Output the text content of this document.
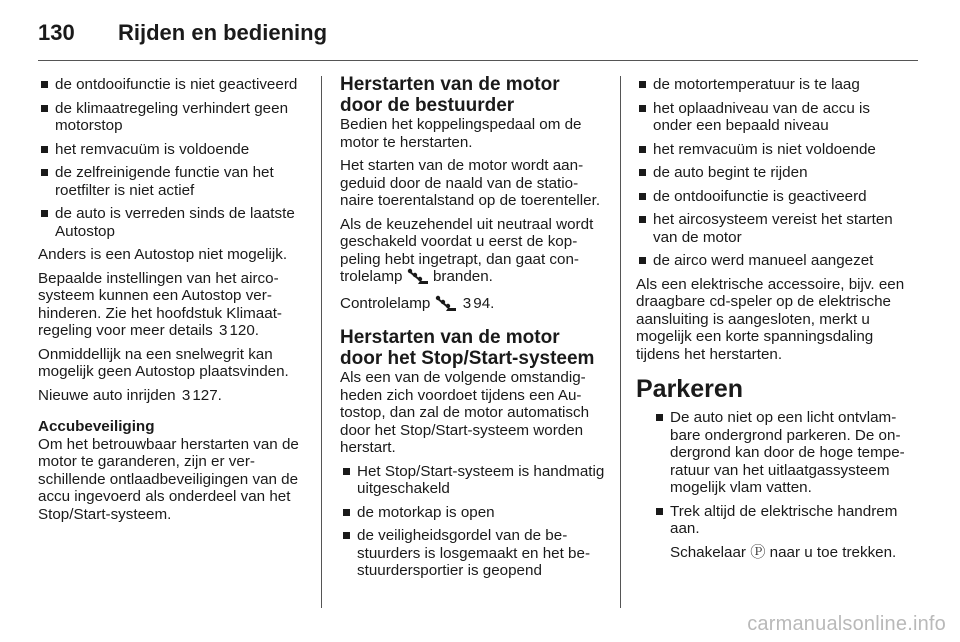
130 Rijden en bediening
de ontdooifunctie is niet geactiveerd
de klimaatregeling verhindert geen motorstop
het remvacuüm is voldoende
de zelfreinigende functie van het roetfilter is niet actief
de auto is verreden sinds de laatste Autostop

Anders is een Autostop niet mogelijk.

Bepaalde instellingen van het aircosysteem kunnen een Autostop verhinderen. Zie het hoofdstuk Klimaatregeling voor meer details 3 120.

Onmiddellijk na een snelwegrit kan mogelijk geen Autostop plaatsvinden.

Nieuwe auto inrijden 3 127.

Accubeveiliging

Om het betrouwbaar herstarten van de motor te garanderen, zijn er verschillende ontlaadbeveiligingen van de accu ingevoerd als onderdeel van het Stop/Start-systeem.

Herstarten van de motor door de bestuurder

Bedien het koppelingspedaal om de motor te herstarten.

Het starten van de motor wordt aangeduid door de naald van de stationaire toerentalstand op de toerenteller.

Als de keuzehendel uit neutraal wordt geschakeld voordat u eerst de koppeling hebt ingetrapt, dan gaat controlelamp branden.

Controlelamp 3 94.

Herstarten van de motor door het Stop/Start-systeem

Als een van de volgende omstandigheden zich voordoet tijdens een Autostop, dan zal de motor automatisch door het Stop/Start-systeem worden herstart.

Het Stop/Start-systeem is handmatig uitgeschakeld
de motorkap is open
de veiligheidsgordel van de bestuurders is losgemaakt en het bestuurdersportier is geopend
de motortemperatuur is te laag
het oplaadniveau van de accu is onder een bepaald niveau
het remvacuüm is niet voldoende
de auto begint te rijden
de ontdooifunctie is geactiveerd
het aircosysteem vereist het starten van de motor
de airco werd manueel aangezet

Als een elektrische accessoire, bijv. een draagbare cd-speler op de elektrische aansluiting is aangesloten, merkt u mogelijk een korte spanningsdaling tijdens het herstarten.

Parkeren
De auto niet op een licht ontvlambare ondergrond parkeren. De ondergrond kan door de hoge temperatuur van het uitlaatgassysteem mogelijk vlam vatten.
Trek altijd de elektrische handrem aan.

Schakelaar Ⓟ naar u toe trekken.

carmanualsonline.info
